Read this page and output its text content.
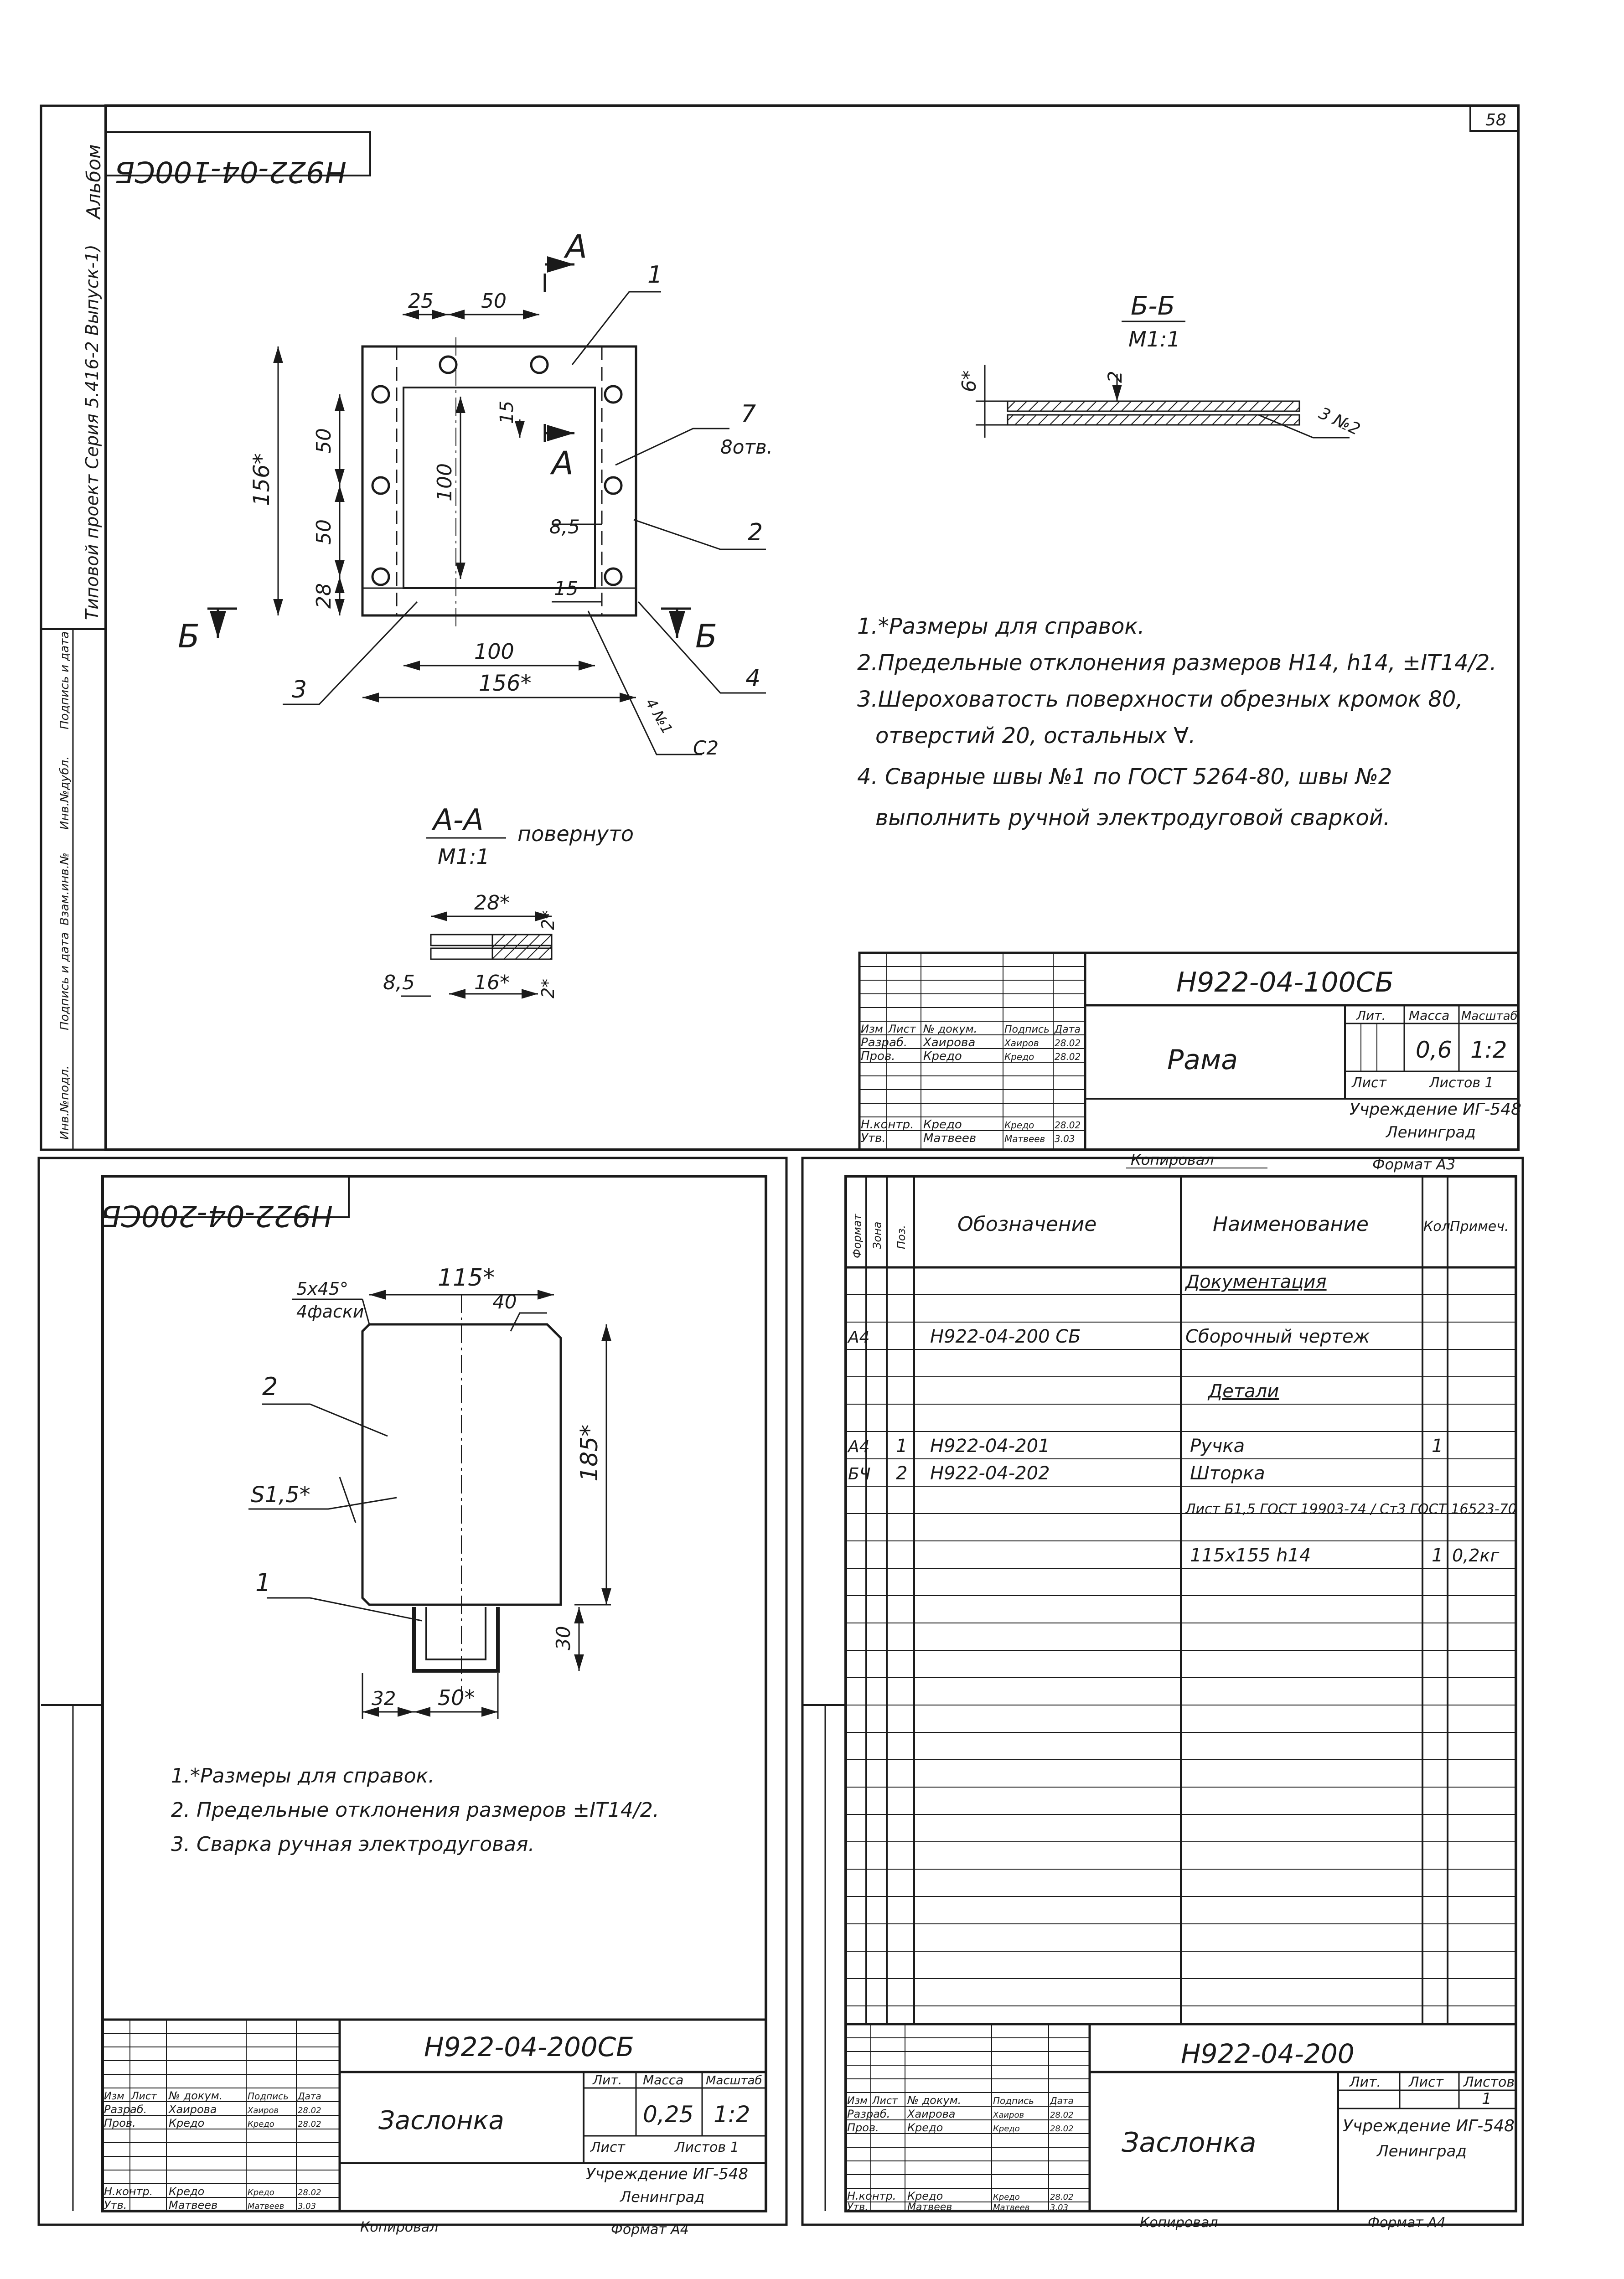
58
Альбом
Типовой проект Серия 5.416-2 Выпуск-1)
Инв.№подл.
Подпись и дата
Взам.инв.№
Инв.№дубл.
Подпись и дата
Н922-04-100СБ
А
А
Б	Б
25 50
156*
50
50
28
100
15
100
156*
8,5
15
С2
4 №1
1
7
8отв.
2
3	4
Б-Б
М1:1
6*	2
3 №2
А-А
М1:1
повернуто
28*
16*
8,5
2*
2*
1.*Размеры для справок.
2.Предельные отклонения размеров Н14, h14, ±IT14/2.
3.Шероховатость поверхности обрезных кромок 80,
отверстий 20, остальных ∀.
4. Сварные швы №1 по ГОСТ 5264-80, швы №2
выполнить ручной электродуговой сваркой.
Н922-04-100СБ
Рама
Изм Лист № докум.	Подпись Дата
Разраб. Хаирова	Хаиров 28.02
Пров. Кредо	Кредо 28.02
Н.контр. Кредо	Кредо 28.02
Утв.	Матвеев	Матвеев 3.03
Лит. Масса Масштаб
0,6 1:2
Лист	Листов 1
Учреждение ИГ-548
Ленинград
Копировал	Формат А3
Н922-04-200СБ
115*
5х45°
4фаски	40
185*
S1,5*
30
32 50*
2
1
1.*Размеры для справок.
2. Предельные отклонения размеров ±IT14/2.
3. Сварка ручная электродуговая.
Н922-04-200СБ
Заслонка
Изм Лист № докум.	Подпись Дата
Разраб. Хаирова	Хаиров 28.02
Пров.	Кредо	Кредо	28.02
Н.контр. Кредо	Кредо	28.02
Утв.	Матвеев	Матвеев 3.03
Лит. Масса Масштаб
0,25 1:2
Лист	Листов 1
Учреждение ИГ-548
Ленинград
Копировал	Формат А4
Формат Зона Поз.
Обозначение	Наименование	Кол.
Примеч.
Документация
А4	Н922-04-200 СБ	Сборочный чертеж
Детали
А4 1 Н922-04-201	Ручка	1
БЧ 2 Н922-04-202	Шторка
Лист Б1,5 ГОСТ 19903-74 / Ст3 ГОСТ 16523-70
115х155 h14	1 0,2кг
Н922-04-200
Заслонка
Изм Лист № докум.	Подпись Дата
Разраб. Хаирова	Хаиров	28.02
Пров.	Кредо	Кредо	28.02
Н.контр. Кредо	Кредо	28.02
Утв.	Матвеев	Матвеев 3.03
Лит. Лист Листов
1
Учреждение ИГ-548
Ленинград
Копировал	Формат А4
